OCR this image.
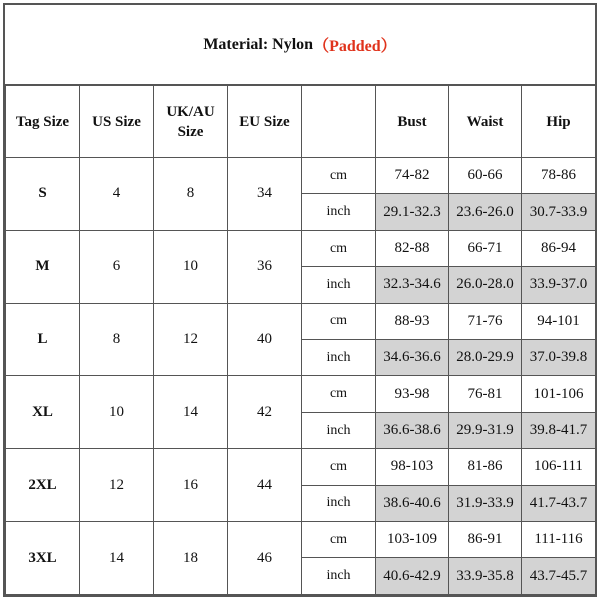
Material: Nylon （Padded）
Tag Size	US Size	UK/AU Size	EU Size		Bust	Waist	Hip
S	4	8	34	cm	74-82	60-66	78-86
				inch	29.1-32.3	23.6-26.0	30.7-33.9
M	6	10	36	cm	82-88	66-71	86-94
				inch	32.3-34.6	26.0-28.0	33.9-37.0
L	8	12	40	cm	88-93	71-76	94-101
				inch	34.6-36.6	28.0-29.9	37.0-39.8
XL	10	14	42	cm	93-98	76-81	101-106
				inch	36.6-38.6	29.9-31.9	39.8-41.7
2XL	12	16	44	cm	98-103	81-86	106-111
				inch	38.6-40.6	31.9-33.9	41.7-43.7
3XL	14	18	46	cm	103-109	86-91	111-116
				inch	40.6-42.9	33.9-35.8	43.7-45.7
